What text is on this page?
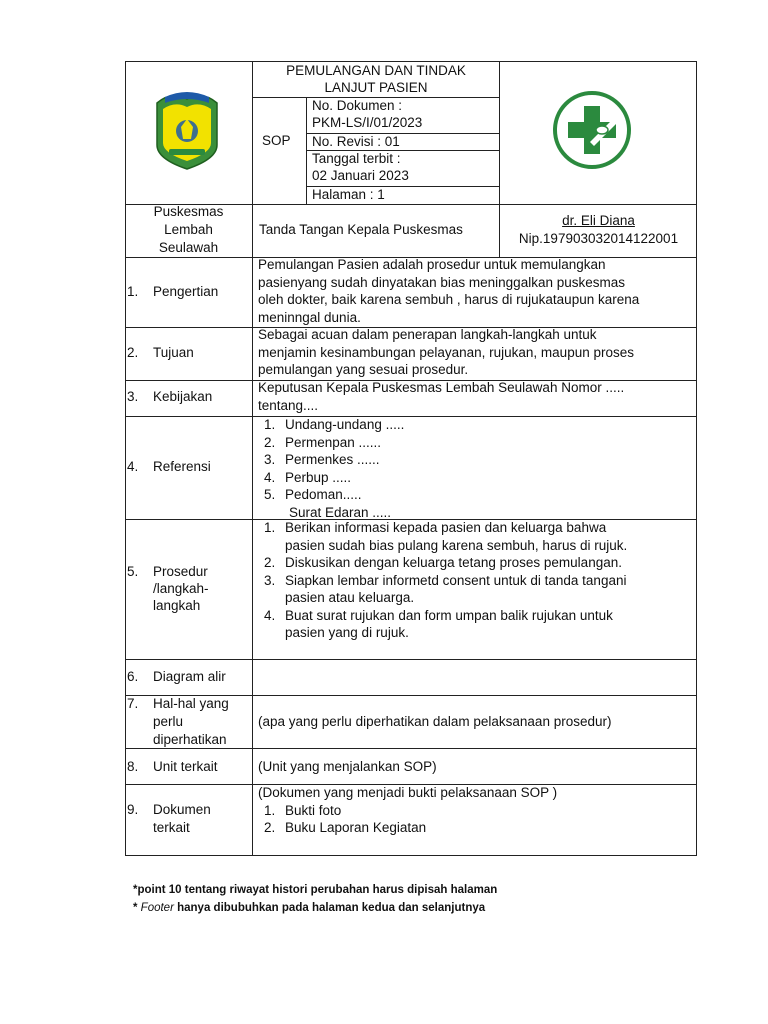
PEMULANGAN DAN TINDAK
LANJUT PASIEN
SOP
No. Dokumen :
PKM-LS/I/01/2023
No. Revisi : 01
Tanggal terbit :
02 Januari 2023
Halaman : 1
Puskesmas
Lembah
Seulawah
Tanda Tangan Kepala Puskesmas
dr. Eli Diana
Nip.197903032014122001
1. Pengertian
Pemulangan Pasien adalah prosedur untuk memulangkan
pasienyang sudah dinyatakan bias meninggalkan puskesmas
oleh dokter, baik karena sembuh , harus di rujukataupun karena
meninngal dunia.
2. Tujuan
Sebagai acuan dalam penerapan langkah-langkah untuk
menjamin kesinambungan pelayanan, rujukan, maupun proses
pemulangan yang sesuai prosedur.
3. Kebijakan
Keputusan Kepala Puskesmas Lembah Seulawah Nomor .....
tentang....
4. Referensi
1. Undang-undang .....
2. Permenpan ......
3. Permenkes ......
4. Perbup .....
5. Pedoman.....
Surat Edaran .....
5. Prosedur
/langkah-
langkah
1. Berikan informasi kepada pasien dan keluarga bahwa
pasien sudah bias pulang karena sembuh, harus di rujuk.
2. Diskusikan dengan keluarga tetang proses pemulangan.
3. Siapkan lembar informetd consent untuk di tanda tangani
pasien atau keluarga.
4. Buat surat rujukan dan form umpan balik rujukan untuk
pasien yang di rujuk.
6. Diagram alir
7. Hal-hal yang
perlu
diperhatikan
(apa yang perlu diperhatikan dalam pelaksanaan prosedur)
8. Unit terkait	(Unit yang menjalankan SOP)
9. Dokumen
terkait
(Dokumen yang menjadi bukti pelaksanaan SOP )
1. Bukti foto
2. Buku Laporan Kegiatan
*point 10 tentang riwayat histori perubahan harus dipisah halaman
* Footer hanya dibubuhkan pada halaman kedua dan selanjutnya
